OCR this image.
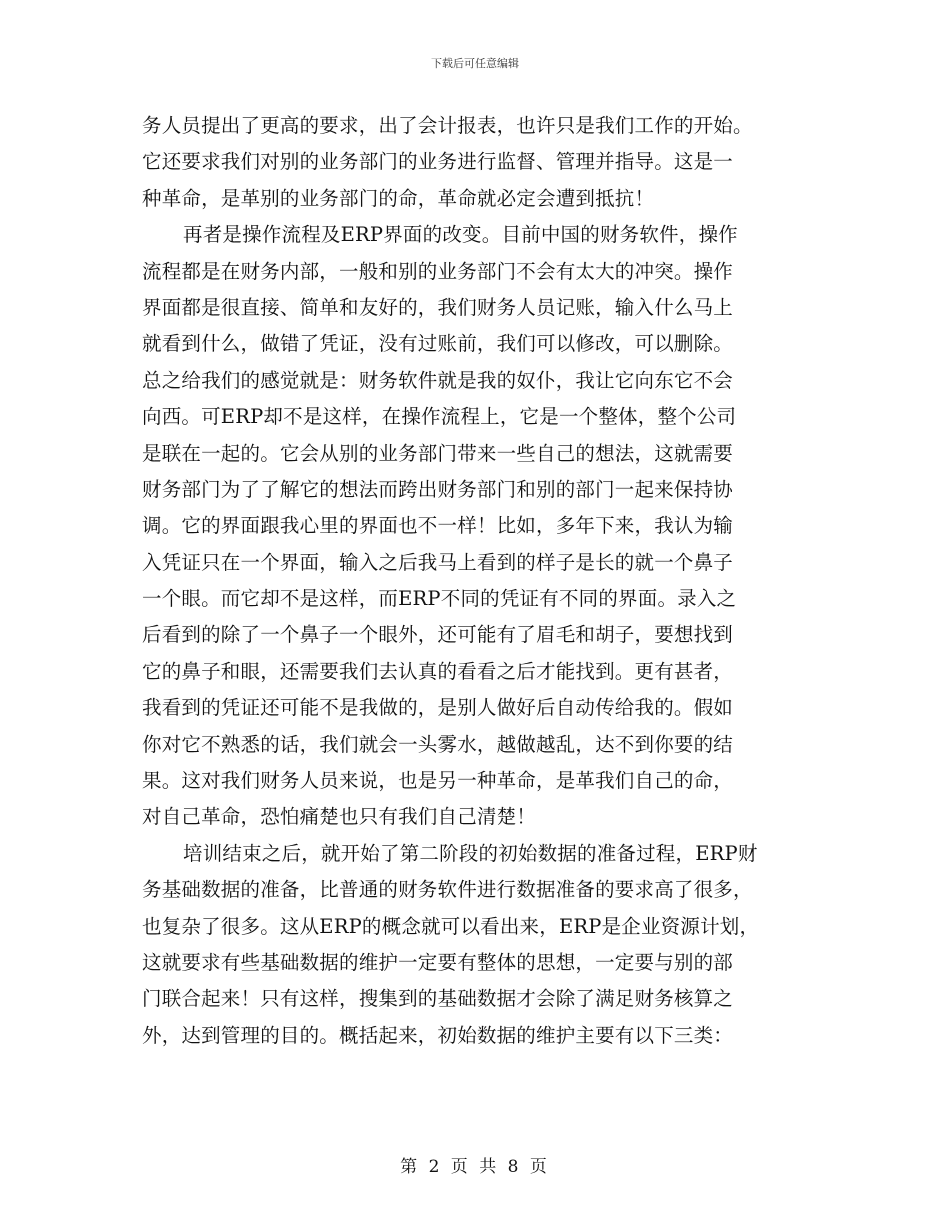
下载后可任意编辑
务人员提出了更高的要求，出了会计报表，也许只是我们工作的开始。
它还要求我们对别的业务部门的业务进行监督、管理并指导。这是一
种革命，是革别的业务部门的命，革命就必定会遭到抵抗！
再者是操作流程及ERP界面的改变。目前中国的财务软件，操作
流程都是在财务内部，一般和别的业务部门不会有太大的冲突。操作
界面都是很直接、简单和友好的，我们财务人员记账，输入什么马上
就看到什么，做错了凭证，没有过账前，我们可以修改，可以删除。
总之给我们的感觉就是：财务软件就是我的奴仆，我让它向东它不会
向西。可ERP却不是这样，在操作流程上，它是一个整体，整个公司
是联在一起的。它会从别的业务部门带来一些自己的想法，这就需要
财务部门为了了解它的想法而跨出财务部门和别的部门一起来保持协
调。它的界面跟我心里的界面也不一样！比如，多年下来，我认为输
入凭证只在一个界面，输入之后我马上看到的样子是长的就一个鼻子
一个眼。而它却不是这样，而ERP不同的凭证有不同的界面。录入之
后看到的除了一个鼻子一个眼外，还可能有了眉毛和胡子，要想找到
它的鼻子和眼，还需要我们去认真的看看之后才能找到。更有甚者，
我看到的凭证还可能不是我做的，是别人做好后自动传给我的。假如
你对它不熟悉的话，我们就会一头雾水，越做越乱，达不到你要的结
果。这对我们财务人员来说，也是另一种革命，是革我们自己的命，
对自己革命，恐怕痛楚也只有我们自己清楚！
培训结束之后，就开始了第二阶段的初始数据的准备过程，ERP财
务基础数据的准备，比普通的财务软件进行数据准备的要求高了很多，
也复杂了很多。这从ERP的概念就可以看出来，ERP是企业资源计划，
这就要求有些基础数据的维护一定要有整体的思想，一定要与别的部
门联合起来！只有这样，搜集到的基础数据才会除了满足财务核算之
外，达到管理的目的。概括起来，初始数据的维护主要有以下三类：
第 2 页 共 8 页
